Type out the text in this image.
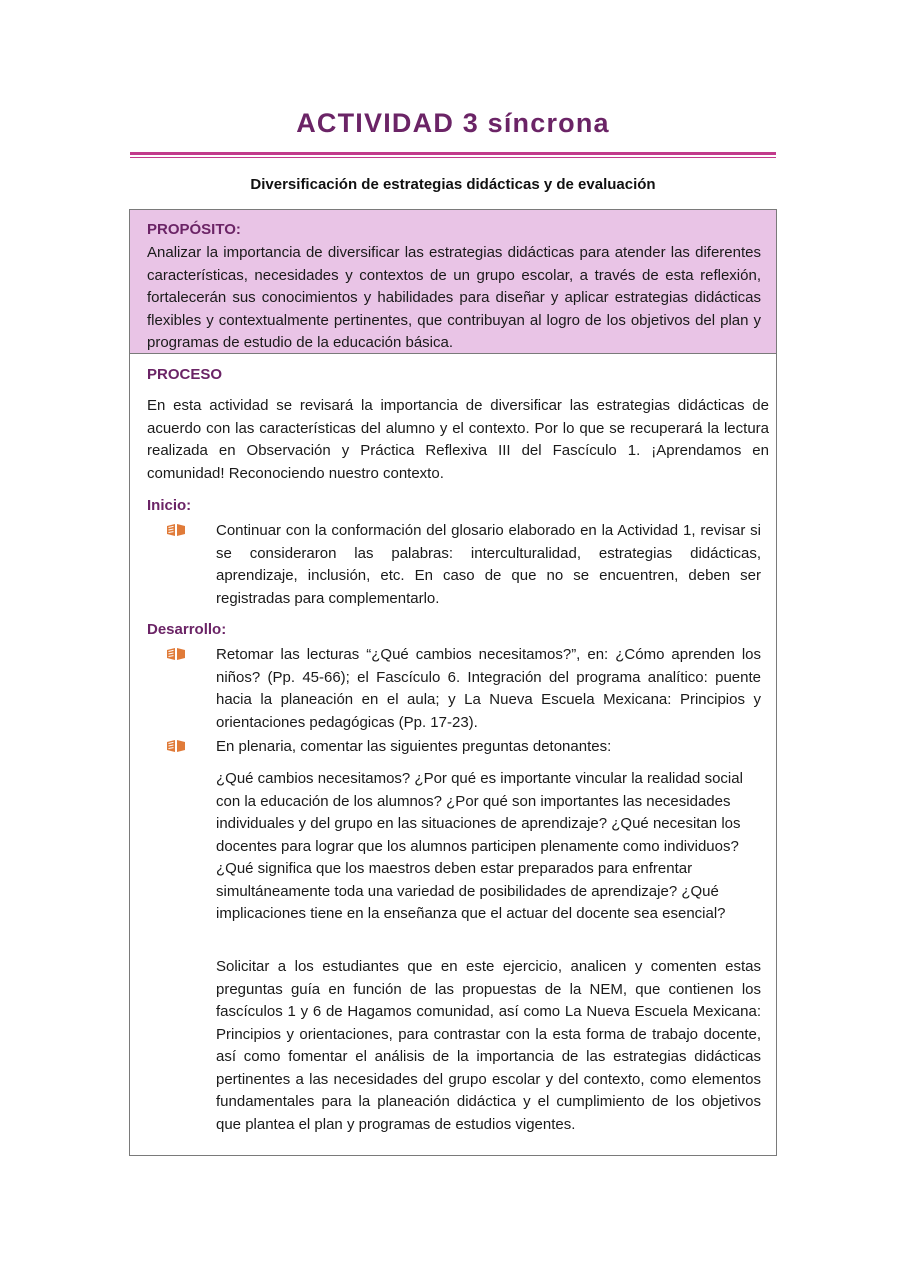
ACTIVIDAD 3 síncrona
Diversificación de estrategias didácticas y de evaluación
PROPÓSITO:
Analizar la importancia de diversificar las estrategias didácticas para atender las diferentes características, necesidades y contextos de un grupo escolar, a través de esta reflexión, fortalecerán sus conocimientos y habilidades para diseñar y aplicar estrategias didácticas flexibles y contextualmente pertinentes, que contribuyan al logro de los objetivos del plan y programas de estudio de la educación básica.
PROCESO
En esta actividad se revisará la importancia de diversificar las estrategias didácticas de acuerdo con las características del alumno y el contexto. Por lo que se recuperará la lectura realizada en Observación y Práctica Reflexiva III del Fascículo 1. ¡Aprendamos en comunidad! Reconociendo nuestro contexto.
Inicio:
Continuar con la conformación del glosario elaborado en la Actividad 1, revisar si se consideraron las palabras: interculturalidad, estrategias didácticas, aprendizaje, inclusión, etc. En caso de que no se encuentren, deben ser registradas para complementarlo.
Desarrollo:
Retomar las lecturas “¿Qué cambios necesitamos?”, en: ¿Cómo aprenden los niños? (Pp. 45-66); el Fascículo 6. Integración del programa analítico: puente hacia la planeación en el aula; y La Nueva Escuela Mexicana: Principios y orientaciones pedagógicas (Pp. 17-23).
En plenaria, comentar las siguientes preguntas detonantes:
¿Qué cambios necesitamos? ¿Por qué es importante vincular la realidad social con la educación de los alumnos? ¿Por qué son importantes las necesidades individuales y del grupo en las situaciones de aprendizaje? ¿Qué necesitan los docentes para lograr que los alumnos participen plenamente como individuos? ¿Qué significa que los maestros deben estar preparados para enfrentar simultáneamente toda una variedad de posibilidades de aprendizaje? ¿Qué implicaciones tiene en la enseñanza que el actuar del docente sea esencial?
Solicitar a los estudiantes que en este ejercicio, analicen y comenten estas preguntas guía en función de las propuestas de la NEM, que contienen los fascículos 1 y 6 de Hagamos comunidad, así como La Nueva Escuela Mexicana: Principios y orientaciones, para contrastar con la esta forma de trabajo docente, así como fomentar el análisis de la importancia de las estrategias didácticas pertinentes a las necesidades del grupo escolar y del contexto, como elementos fundamentales para la planeación didáctica y el cumplimiento de los objetivos que plantea el plan y programas de estudios vigentes.
